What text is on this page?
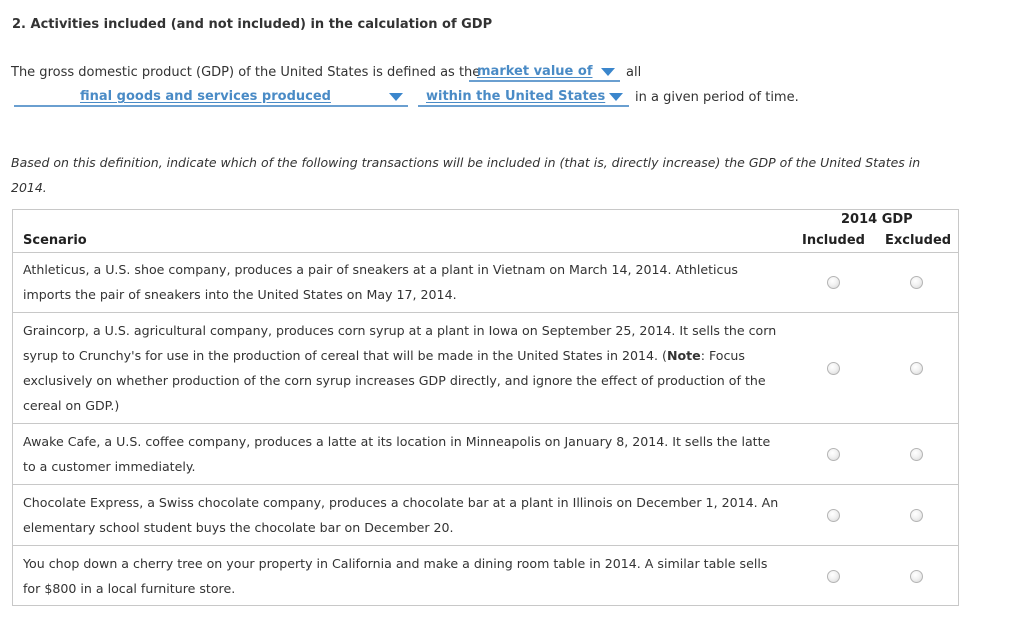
2. Activities included (and not included) in the calculation of GDP
The gross domestic product (GDP) of the United States is defined as the
market value of	all
final goods and services produced	within the United States in a given period of time.
Based on this definition, indicate which of the following transactions will be included in (that is, directly increase) the GDP of the United States in
2014.
Scenario
2014 GDP
Included Excluded
Athleticus, a U.S. shoe company, produces a pair of sneakers at a plant in Vietnam on March 14, 2014. Athleticus
imports the pair of sneakers into the United States on May 17, 2014.
Graincorp, a U.S. agricultural company, produces corn syrup at a plant in Iowa on September 25, 2014. It sells the corn
syrup to Crunchy's for use in the production of cereal that will be made in the United States in 2014. (Note: Focus
exclusively on whether production of the corn syrup increases GDP directly, and ignore the effect of production of the
cereal on GDP.)
Awake Cafe, a U.S. coffee company, produces a latte at its location in Minneapolis on January 8, 2014. It sells the latte
to a customer immediately.
Chocolate Express, a Swiss chocolate company, produces a chocolate bar at a plant in Illinois on December 1, 2014. An
elementary school student buys the chocolate bar on December 20.
You chop down a cherry tree on your property in California and make a dining room table in 2014. A similar table sells
for $800 in a local furniture store.
